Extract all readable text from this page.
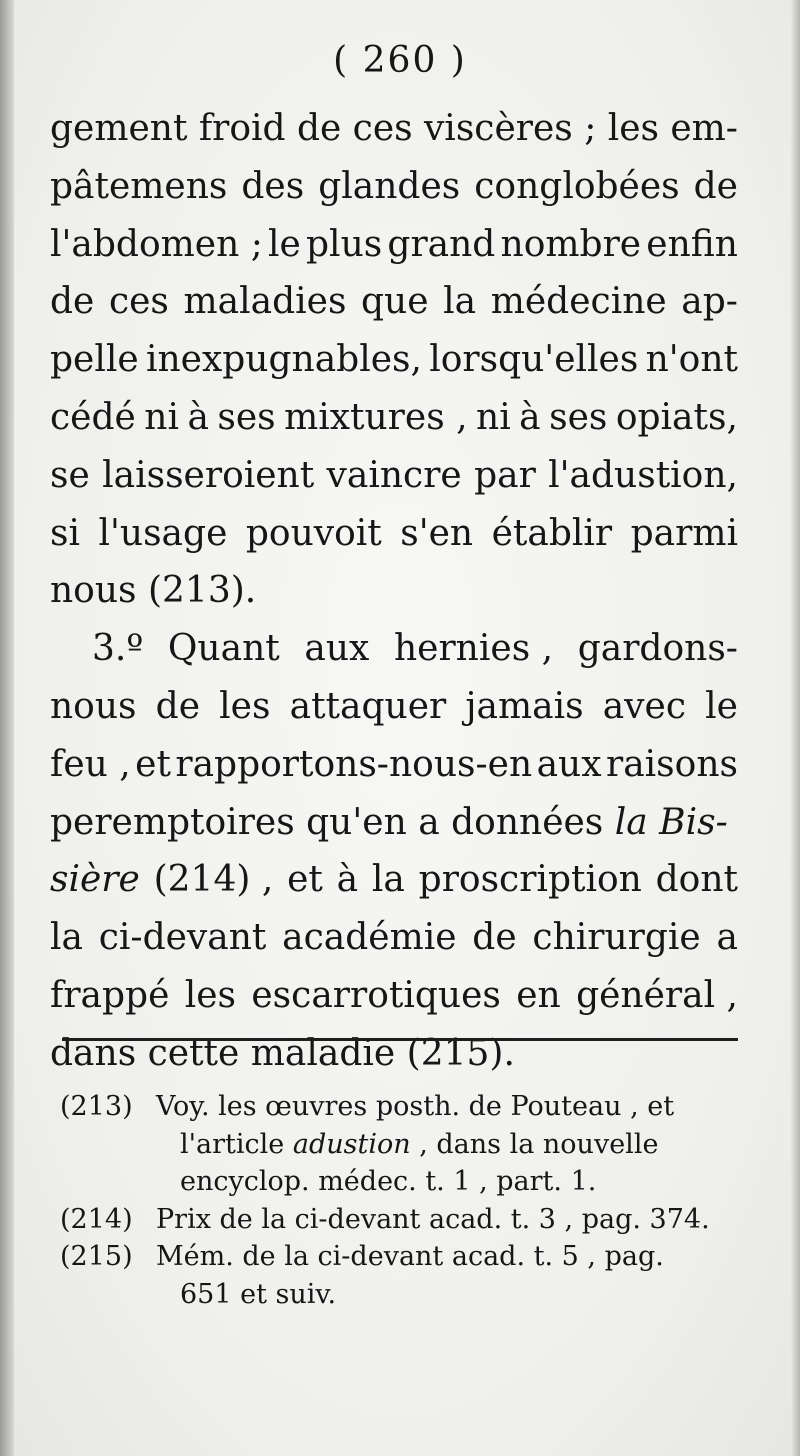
( 260 )
gement froid de ces viscères ; les em-
pâtemens des glandes conglobées de
l'abdomen ; le plus grand nombre enfin
de ces maladies que la médecine ap-
pelle inexpugnables, lorsqu'elles n'ont
cédé ni à ses mixtures , ni à ses opiats,
se laisseroient vaincre par l'adustion,
si l'usage pouvoit s'en établir parmi
nous (213).
3.º Quant aux hernies , gardons-
nous de les attaquer jamais avec le
feu , et rapportons-nous-en aux raisons
peremptoires qu'en a données la Bis-
sière (214) , et à la proscription dont
la ci-devant académie de chirurgie a
frappé les escarrotiques en général ,
dans cette maladie (215).
(213) Voy. les œuvres posth. de Pouteau , et
l'article adustion , dans la nouvelle
encyclop. médec. t. 1 , part. 1.
(214) Prix de la ci-devant acad. t. 3 , pag. 374.
(215) Mém. de la ci-devant acad. t. 5 , pag.
651 et suiv.
